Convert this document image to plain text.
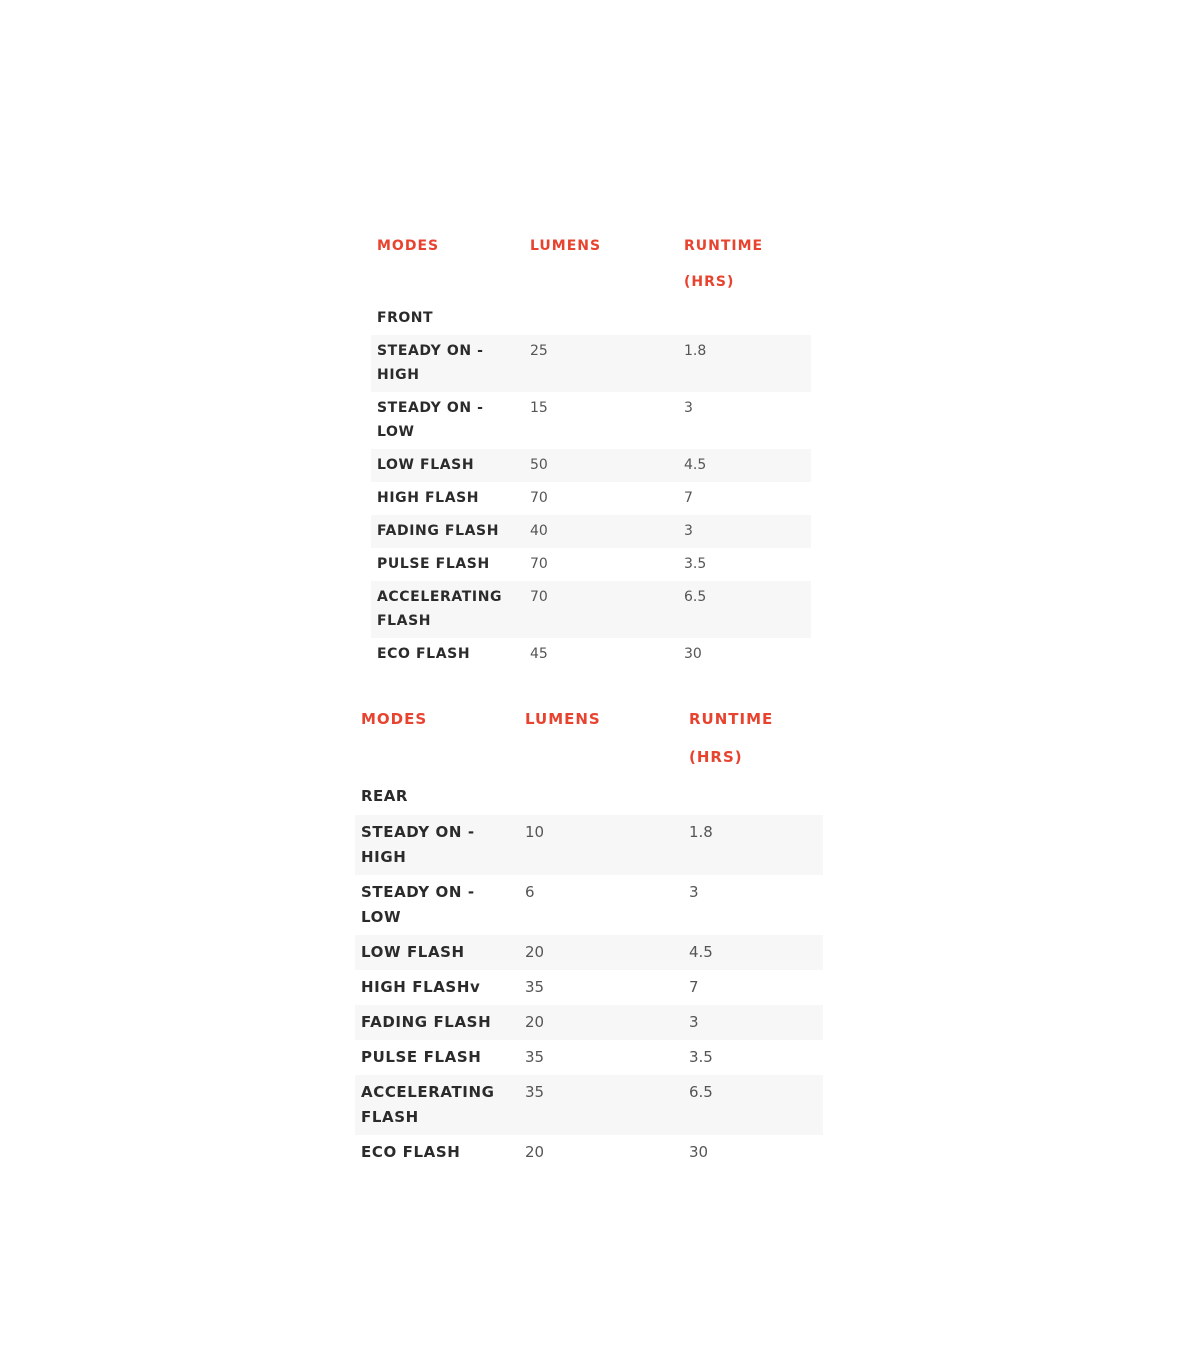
MODES	LUMENS	RUNTIME (HRS)
FRONT		
STEADY ON - HIGH	25	1.8
STEADY ON - LOW	15	3
LOW FLASH	50	4.5
HIGH FLASH	70	7
FADING FLASH	40	3
PULSE FLASH	70	3.5
ACCELERATING FLASH	70	6.5
ECO FLASH	45	30
MODES	LUMENS	RUNTIME (HRS)
REAR		
STEADY ON - HIGH	10	1.8
STEADY ON - LOW	6	3
LOW FLASH	20	4.5
HIGH FLASHv	35	7
FADING FLASH	20	3
PULSE FLASH	35	3.5
ACCELERATING FLASH	35	6.5
ECO FLASH	20	30
